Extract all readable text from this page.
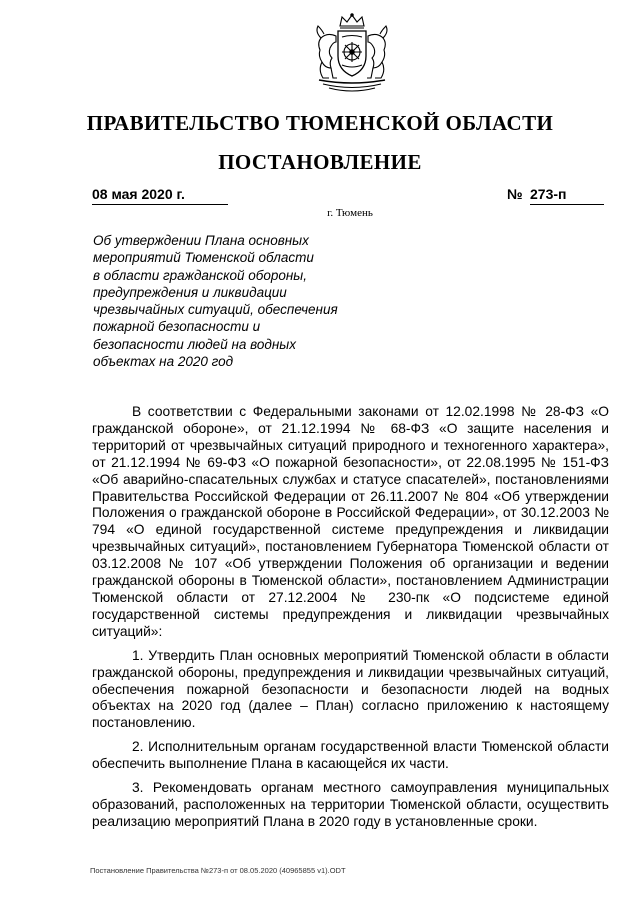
ПРАВИТЕЛЬСТВО ТЮМЕНСКОЙ ОБЛАСТИ
ПОСТАНОВЛЕНИЕ
08 мая 2020 г.	№ 273-п
г. Тюмень
Об утверждении Плана основных
мероприятий Тюменской области
в области гражданской обороны,
предупреждения и ликвидации
чрезвычайных ситуаций, обеспечения
пожарной безопасности и
безопасности людей на водных
объектах на 2020 год

В соответствии с Федеральными законами от 12.02.1998 № 28-ФЗ «О гражданской обороне», от 21.12.1994 № 68-ФЗ «О защите населения и территорий от чрезвычайных ситуаций природного и техногенного характера», от 21.12.1994 № 69-ФЗ «О пожарной безопасности», от 22.08.1995 № 151-ФЗ «Об аварийно-спасательных службах и статусе спасателей», постановлениями Правительства Российской Федерации от 26.11.2007 № 804 «Об утверждении Положения о гражданской обороне в Российской Федерации», от 30.12.2003 № 794 «О единой государственной системе предупреждения и ликвидации чрезвычайных ситуаций», постановлением Губернатора Тюменской области от 03.12.2008 № 107 «Об утверждении Положения об организации и ведении гражданской обороны в Тюменской области», постановлением Администрации Тюменской области от 27.12.2004 № 230-пк «О подсистеме единой государственной системы предупреждения и ликвидации чрезвычайных ситуаций»:

1. Утвердить План основных мероприятий Тюменской области в области гражданской обороны, предупреждения и ликвидации чрезвычайных ситуаций, обеспечения пожарной безопасности и безопасности людей на водных объектах на 2020 год (далее – План) согласно приложению к настоящему постановлению.

2. Исполнительным органам государственной власти Тюменской области обеспечить выполнение Плана в касающейся их части.

3. Рекомендовать органам местного самоуправления муниципальных образований, расположенных на территории Тюменской области, осуществить реализацию мероприятий Плана в 2020 году в установленные сроки.

Постановление Правительства №273-п от 08.05.2020 (40965855 v1).ODT
